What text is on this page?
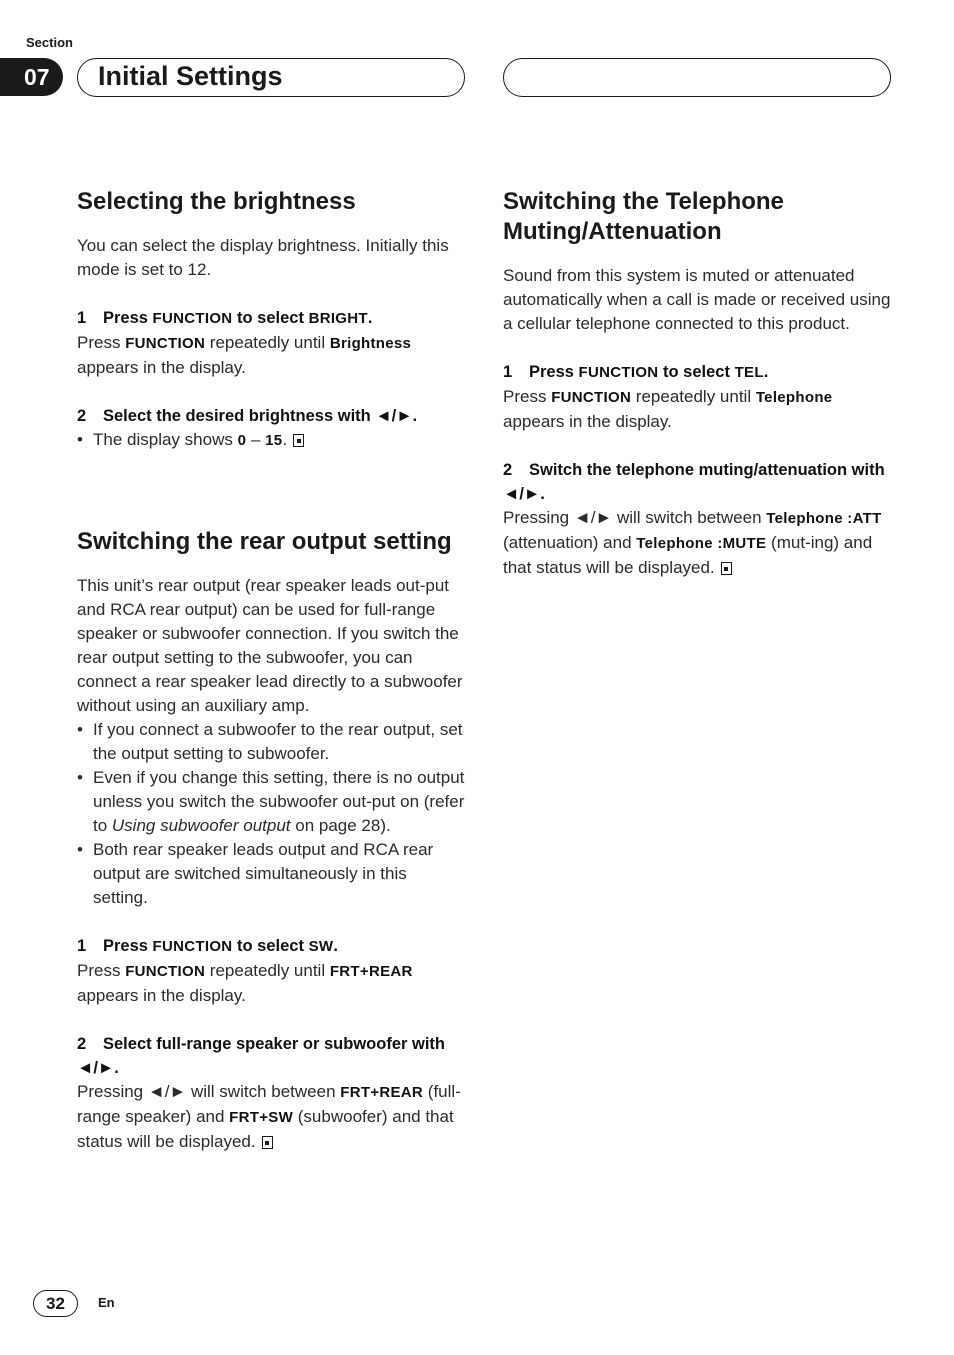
Section
07	Initial Settings
Selecting the brightness

You can select the display brightness. Initially this mode is set to 12.

1 Press FUNCTION to select BRIGHT.

Press FUNCTION repeatedly until Brightness appears in the display.

2 Select the desired brightness with ◄/►.

• The display shows 0 – 15.

Switching the rear output setting

This unit’s rear output (rear speaker leads out-put and RCA rear output) can be used for full-range speaker or subwoofer connection. If you switch the rear output setting to the subwoofer, you can connect a rear speaker lead directly to a subwoofer without using an auxiliary amp.

• If you connect a subwoofer to the rear output, set the output setting to subwoofer.

• Even if you change this setting, there is no output unless you switch the subwoofer out-put on (refer to Using subwoofer output on page 28).

• Both rear speaker leads output and RCA rear output are switched simultaneously in this setting.

1 Press FUNCTION to select SW.

Press FUNCTION repeatedly until FRT+REAR appears in the display.

2 Select full-range speaker or subwoofer with ◄/►.

Pressing ◄/► will switch between FRT+REAR (full-range speaker) and FRT+SW (subwoofer) and that status will be displayed.

Switching the Telephone Muting/Attenuation

Sound from this system is muted or attenuated automatically when a call is made or received using a cellular telephone connected to this product.

1 Press FUNCTION to select TEL.

Press FUNCTION repeatedly until Telephone appears in the display.

2 Switch the telephone muting/attenuation with ◄/►.

Pressing ◄/► will switch between Telephone :ATT (attenuation) and Telephone :MUTE (mut-ing) and that status will be displayed.

32	En
